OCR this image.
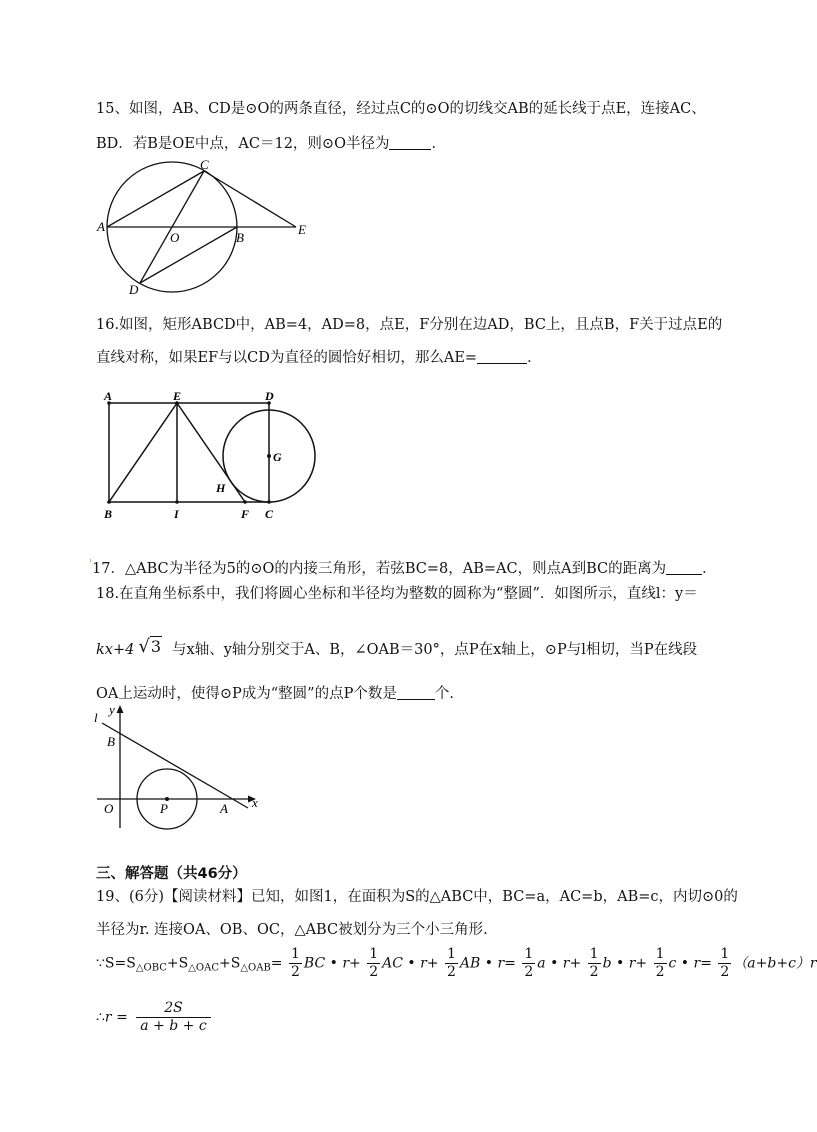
15、如图，AB、CD是⊙O的两条直径，经过点C的⊙O的切线交AB的延长线于点E，连接AC、
BD．若B是OE中点，AC＝12，则⊙O半径为	．
C
A
O	B
E
D
16.如图，矩形ABCD中，AB=4，AD=8，点E，F分别在边AD，BC上，且点B，F关于过点E的
直线对称，如果EF与以CD为直径的圆恰好相切，那么AE=	．
A	E	D
G
H
B	I	F C
'17．△ABC为半径为5的⊙O的内接三角形，若弦BC=8，AB=AC，则点A到BC的距离为 ．
18.在直角坐标系中，我们将圆心坐标和半径均为整数的圆称为“整圆”．如图所示，直线l：y＝
kx+4 √3 与x轴、y轴分别交于A、B，∠OAB＝30°，点P在x轴上，⊙P与l相切，当P在线段
OA上运动时，使得⊙P成为“整圆”的点P个数是	个．
l
y
B
O	P	A x
三、解答题（共46分）
19、(6分)【阅读材料】已知，如图1，在面积为S的△ABC中，BC=a，AC=b，AB=c，内切⊙0的
半径为r. 连接OA、OB、OC，△ABC被划分为三个小三角形.
$\because S=S_{\triangle OBC}+S_{\triangle OAC}+S_{\triangle OAB}= \frac{1}{2}$ BC • $r+ \frac{1}{2}$ AC • $r+ \frac{1}{2}$ AB • $r= \frac{1}{2}$ a • $r+ \frac{1}{2}$ b • $r+ \frac{1}{2}$ c • $r= \frac{1}{2} (a+b+c)r$
∴r = $\frac{2S}{a + b + c}$
